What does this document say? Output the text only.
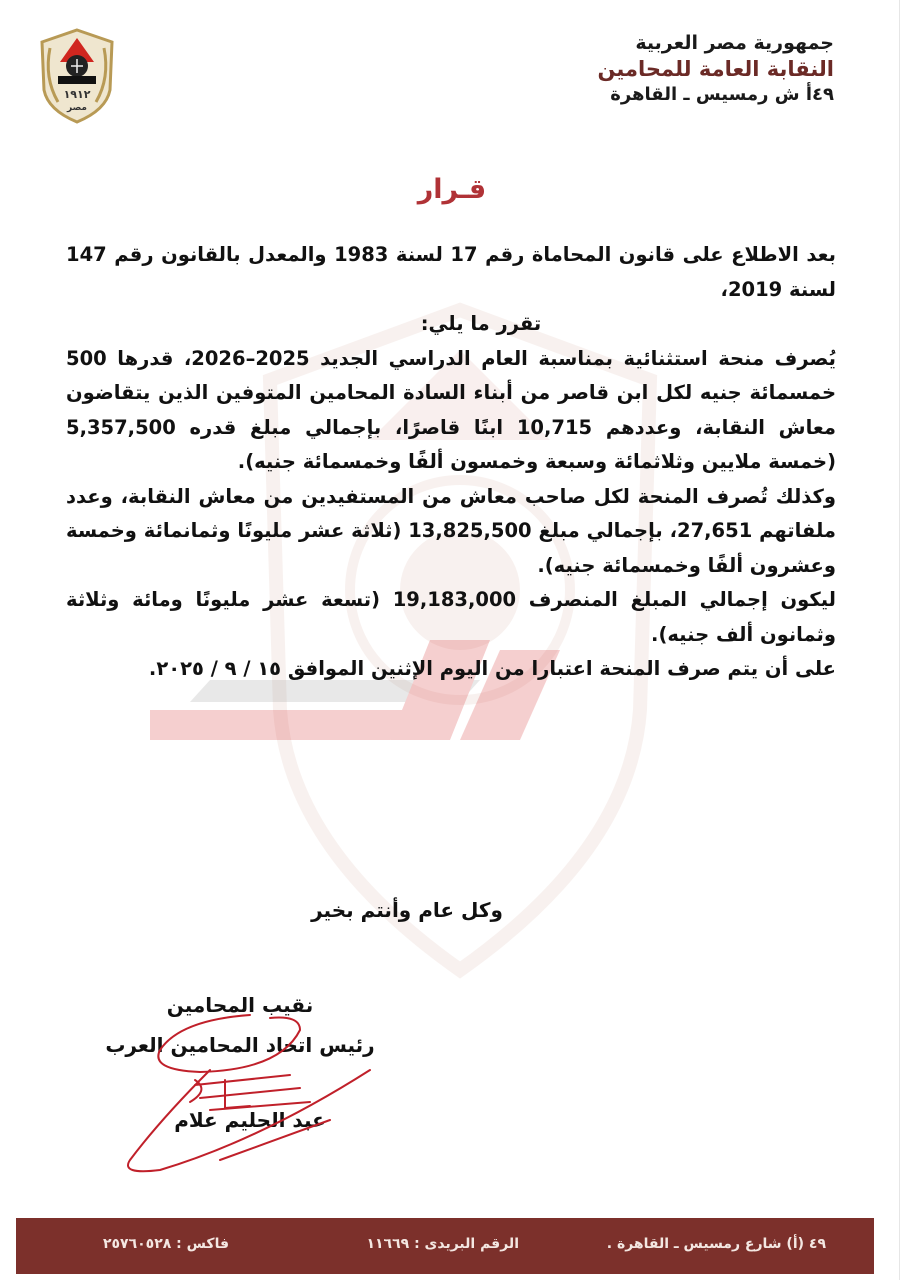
١٩١٢
مصر
جمهورية مصر العربية
النقابة العامة للمحامين
٤٩أ ش رمسيس ـ القاهرة
قـرار

بعد الاطلاع على قانون المحاماة رقم 17 لسنة 1983 والمعدل بالقانون رقم 147 لسنة 2019،

تقرر ما يلي:

يُصرف منحة استثنائية بمناسبة العام الدراسي الجديد 2025–2026، قدرها 500 خمسمائة جنيه لكل ابن قاصر من أبناء السادة المحامين المتوفين الذين يتقاضون معاش النقابة، وعددهم 10,715 ابنًا قاصرًا، بإجمالي مبلغ قدره 5,357,500 (خمسة ملايين وثلاثمائة وسبعة وخمسون ألفًا وخمسمائة جنيه).

وكذلك تُصرف المنحة لكل صاحب معاش من المستفيدين من معاش النقابة، وعدد ملفاتهم 27,651، بإجمالي مبلغ 13,825,500 (ثلاثة عشر مليونًا وثمانمائة وخمسة وعشرون ألفًا وخمسمائة جنيه).

ليكون إجمالي المبلغ المنصرف 19,183,000 (تسعة عشر مليونًا ومائة وثلاثة وثمانون ألف جنيه).

على أن يتم صرف المنحة اعتبارا من اليوم الإثنين الموافق ١٥ / ٩ / ٢٠٢٥.

وكل عام وأنتم بخير
نقيب المحامين
رئيس اتحاد المحامين العرب
عبد الحليم علام
٤٩ (أ) شارع رمسيس ـ القاهرة .
الرقم البريدى : ١١٦٦٩
فاكس : ٢٥٧٦٠٥٢٨
